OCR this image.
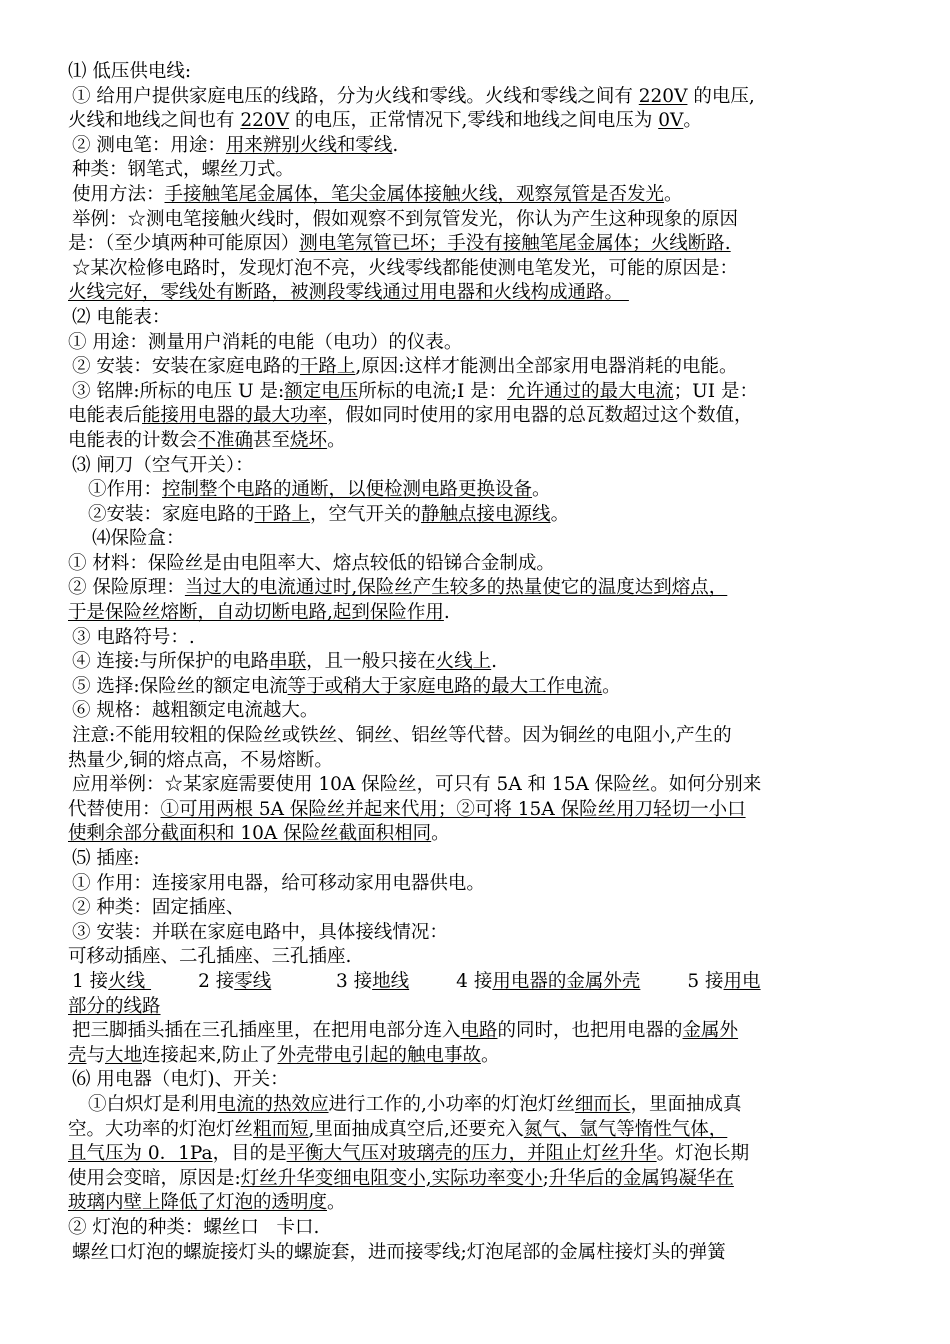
⑴ 低压供电线:
① 给用户提供家庭电压的线路，分为火线和零线。火线和零线之间有 220V 的电压,
火线和地线之间也有 220V 的电压，正常情况下,零线和地线之间电压为 0V。
② 测电笔：用途：用来辨别火线和零线.
种类：钢笔式，螺丝刀式。
使用方法：手接触笔尾金属体，笔尖金属体接触火线，观察氖管是否发光。
举例：☆测电笔接触火线时，假如观察不到氖管发光，你认为产生这种现象的原因
是：（至少填两种可能原因）测电笔氖管已坏；手没有接触笔尾金属体；火线断路.
☆某次检修电路时，发现灯泡不亮，火线零线都能使测电笔发光，可能的原因是：
火线完好，零线处有断路，被测段零线通过用电器和火线构成通路。
⑵ 电能表：
① 用途：测量用户消耗的电能（电功）的仪表。
② 安装：安装在家庭电路的干路上,原因:这样才能测出全部家用电器消耗的电能。
③ 铭牌:所标的电压 U 是:额定电压所标的电流;I 是：允许通过的最大电流；UI 是：
电能表后能接用电器的最大功率，假如同时使用的家用电器的总瓦数超过这个数值，
电能表的计数会不准确甚至烧坏。
⑶ 闸刀（空气开关）：
①作用：控制整个电路的通断，以便检测电路更换设备。
②安装：家庭电路的干路上，空气开关的静触点接电源线。
⑷保险盒：
① 材料：保险丝是由电阻率大、熔点较低的铅锑合金制成。
② 保险原理：当过大的电流通过时,保险丝产生较多的热量使它的温度达到熔点，
于是保险丝熔断，自动切断电路,起到保险作用.
③ 电路符号：.
④ 连接:与所保护的电路串联，且一般只接在火线上.
⑤ 选择:保险丝的额定电流等于或稍大于家庭电路的最大工作电流。
⑥ 规格：越粗额定电流越大。
注意:不能用较粗的保险丝或铁丝、铜丝、铝丝等代替。因为铜丝的电阻小,产生的
热量少,铜的熔点高，不易熔断。
应用举例：☆某家庭需要使用 10A 保险丝，可只有 5A 和 15A 保险丝。如何分别来
代替使用：①可用两根 5A 保险丝并起来代用；②可将 15A 保险丝用刀轻切一小口
使剩余部分截面积和 10A 保险丝截面积相同。
⑸ 插座:
① 作用：连接家用电器，给可移动家用电器供电。
② 种类：固定插座、
③ 安装：并联在家庭电路中，具体接线情况：
可移动插座、二孔插座、三孔插座.
1 接火线         2 接零线           3 接地线        4 接用电器的金属外壳        5 接用电
部分的线路
把三脚插头插在三孔插座里，在把用电部分连入电路的同时，也把用电器的金属外
壳与大地连接起来,防止了外壳带电引起的触电事故。
⑹ 用电器（电灯)、开关：
①白炽灯是利用电流的热效应进行工作的,小功率的灯泡灯丝细而长，里面抽成真
空。大功率的灯泡灯丝粗而短,里面抽成真空后,还要充入氮气、氩气等惰性气体，
且气压为 0．1Pa，目的是平衡大气压对玻璃壳的压力，并阻止灯丝升华。灯泡长期
使用会变暗，原因是:灯丝升华变细电阻变小,实际功率变小;升华后的金属钨凝华在
玻璃内壁上降低了灯泡的透明度。
② 灯泡的种类：螺丝口   卡口.
螺丝口灯泡的螺旋接灯头的螺旋套，进而接零线;灯泡尾部的金属柱接灯头的弹簧
